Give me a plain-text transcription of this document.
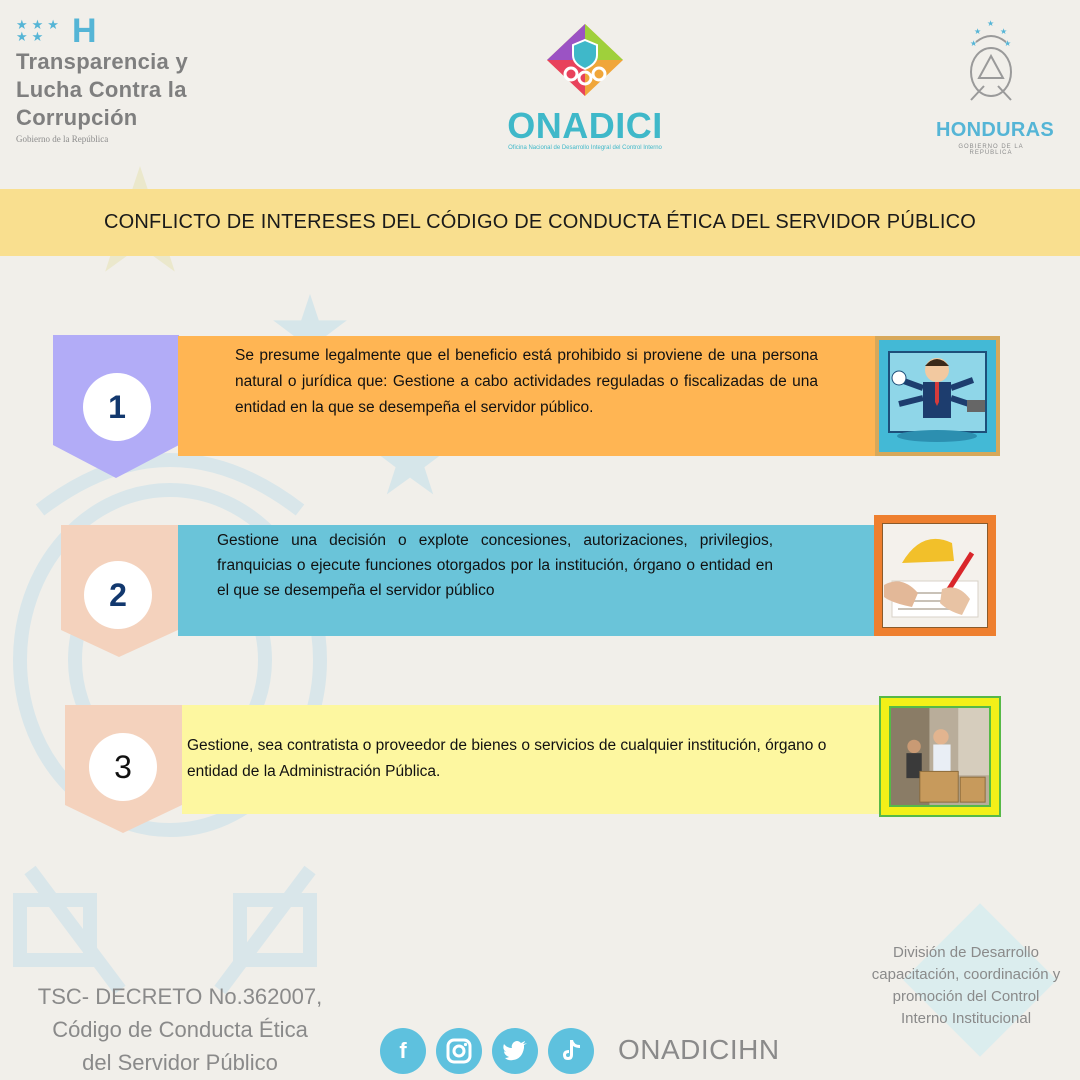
★★★
★★ H
Transparencia y
Lucha Contra la
Corrupción
Gobierno de la República	ONADICI
Oficina Nacional de Desarrollo Integral del Control Interno
★
★ ★
★	★
HONDURAS
GOBIERNO DE LA REPÚBLICA
CONFLICTO DE INTERESES DEL CÓDIGO DE CONDUCTA ÉTICA DEL SERVIDOR PÚBLICO
1
Se presume legalmente que el beneficio está prohibido si proviene de una persona natural o jurídica que: Gestione a cabo actividades reguladas o fiscalizadas de una entidad en la que se desempeña el servidor público.
2
Gestione una decisión o explote concesiones, autorizaciones, privilegios, franquicias o ejecute funciones otorgados por la institución, órgano o entidad en el que se desempeña el servidor público
3
Gestione, sea contratista o proveedor de bienes o servicios de cualquier institución, órgano o entidad de la Administración Pública.
TSC- DECRETO No.362007,
Código de Conducta Ética
del Servidor Público
División de Desarrollo
capacitación, coordinación y
promoción del Control
Interno Institucional
f	ONADICIHN
